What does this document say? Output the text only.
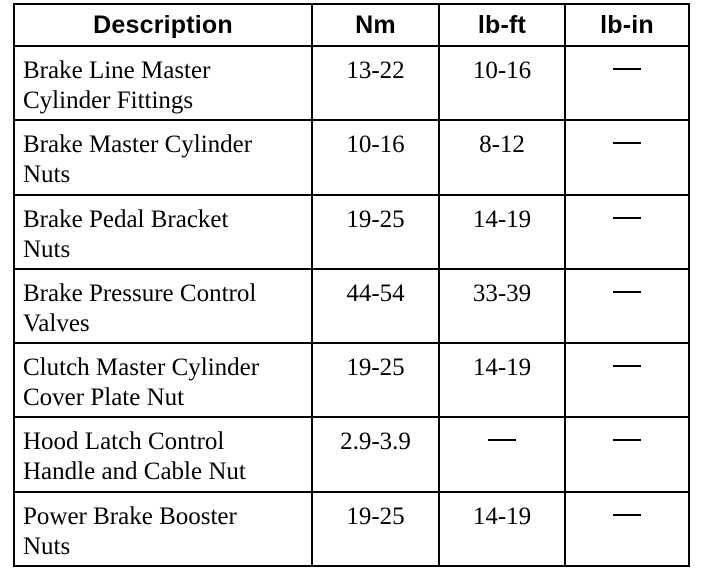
Description	Nm	lb-ft	lb-in

Brake Line Master
Cylinder Fittings	13-22	10-16	

Brake Master Cylinder
Nuts	10-16	8-12	

Brake Pedal Bracket
Nuts	19-25	14-19	

Brake Pressure Control
Valves	44-54	33-39	

Clutch Master Cylinder
Cover Plate Nut	19-25	14-19	

Hood Latch Control
Handle and Cable Nut	2.9-3.9		

Power Brake Booster
Nuts	19-25	14-19	
